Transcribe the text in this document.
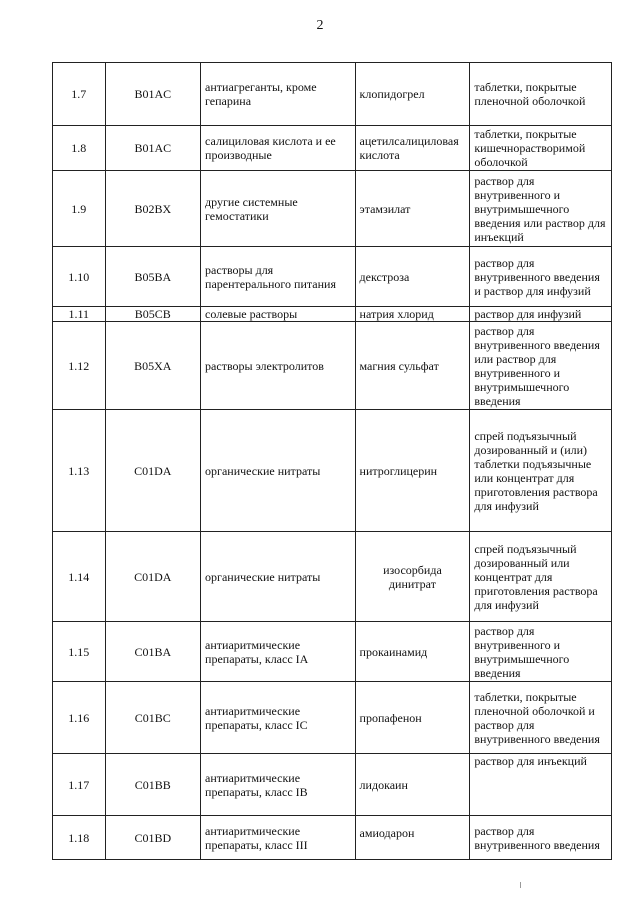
2
1.7	B01AC	антиагреганты, кроме гепарина	клопидогрел	таблетки, покрытые пленочной оболочкой
1.8	B01AC	салициловая кислота и ее производные	ацетилсалициловая кислота	таблетки, покрытые кишечнорастворимой оболочкой
1.9	B02BX	другие системные гемостатики	этамзилат	раствор для внутривенного и внутримышечного введения или раствор для инъекций
1.10	B05BA	растворы для парентерального питания	декстроза	раствор для внутривенного введения и раствор для инфузий
1.11	B05CB	солевые растворы	натрия хлорид	раствор для инфузий
1.12	B05XA	растворы электролитов	магния сульфат	раствор для внутривенного введения или раствор для внутривенного и внутримышечного введения
1.13	C01DA	органические нитраты	нитроглицерин	спрей подъязычный дозированный и (или) таблетки подъязычные или концентрат для приготовления раствора для инфузий
1.14	C01DA	органические нитраты	изосорбида динитрат	спрей подъязычный дозированный или концентрат для приготовления раствора для инфузий
1.15	C01BA	антиаритмические препараты, класс IA	прокаинамид	раствор для внутривенного и внутримышечного введения
1.16	C01BC	антиаритмические препараты, класс IC	пропафенон	таблетки, покрытые пленочной оболочкой и раствор для внутривенного введения
1.17	C01BB	антиаритмические препараты, класс IB	лидокаин	раствор для инъекций
1.18	C01BD	антиаритмические препараты, класс III	амиодарон	раствор для внутривенного введения
